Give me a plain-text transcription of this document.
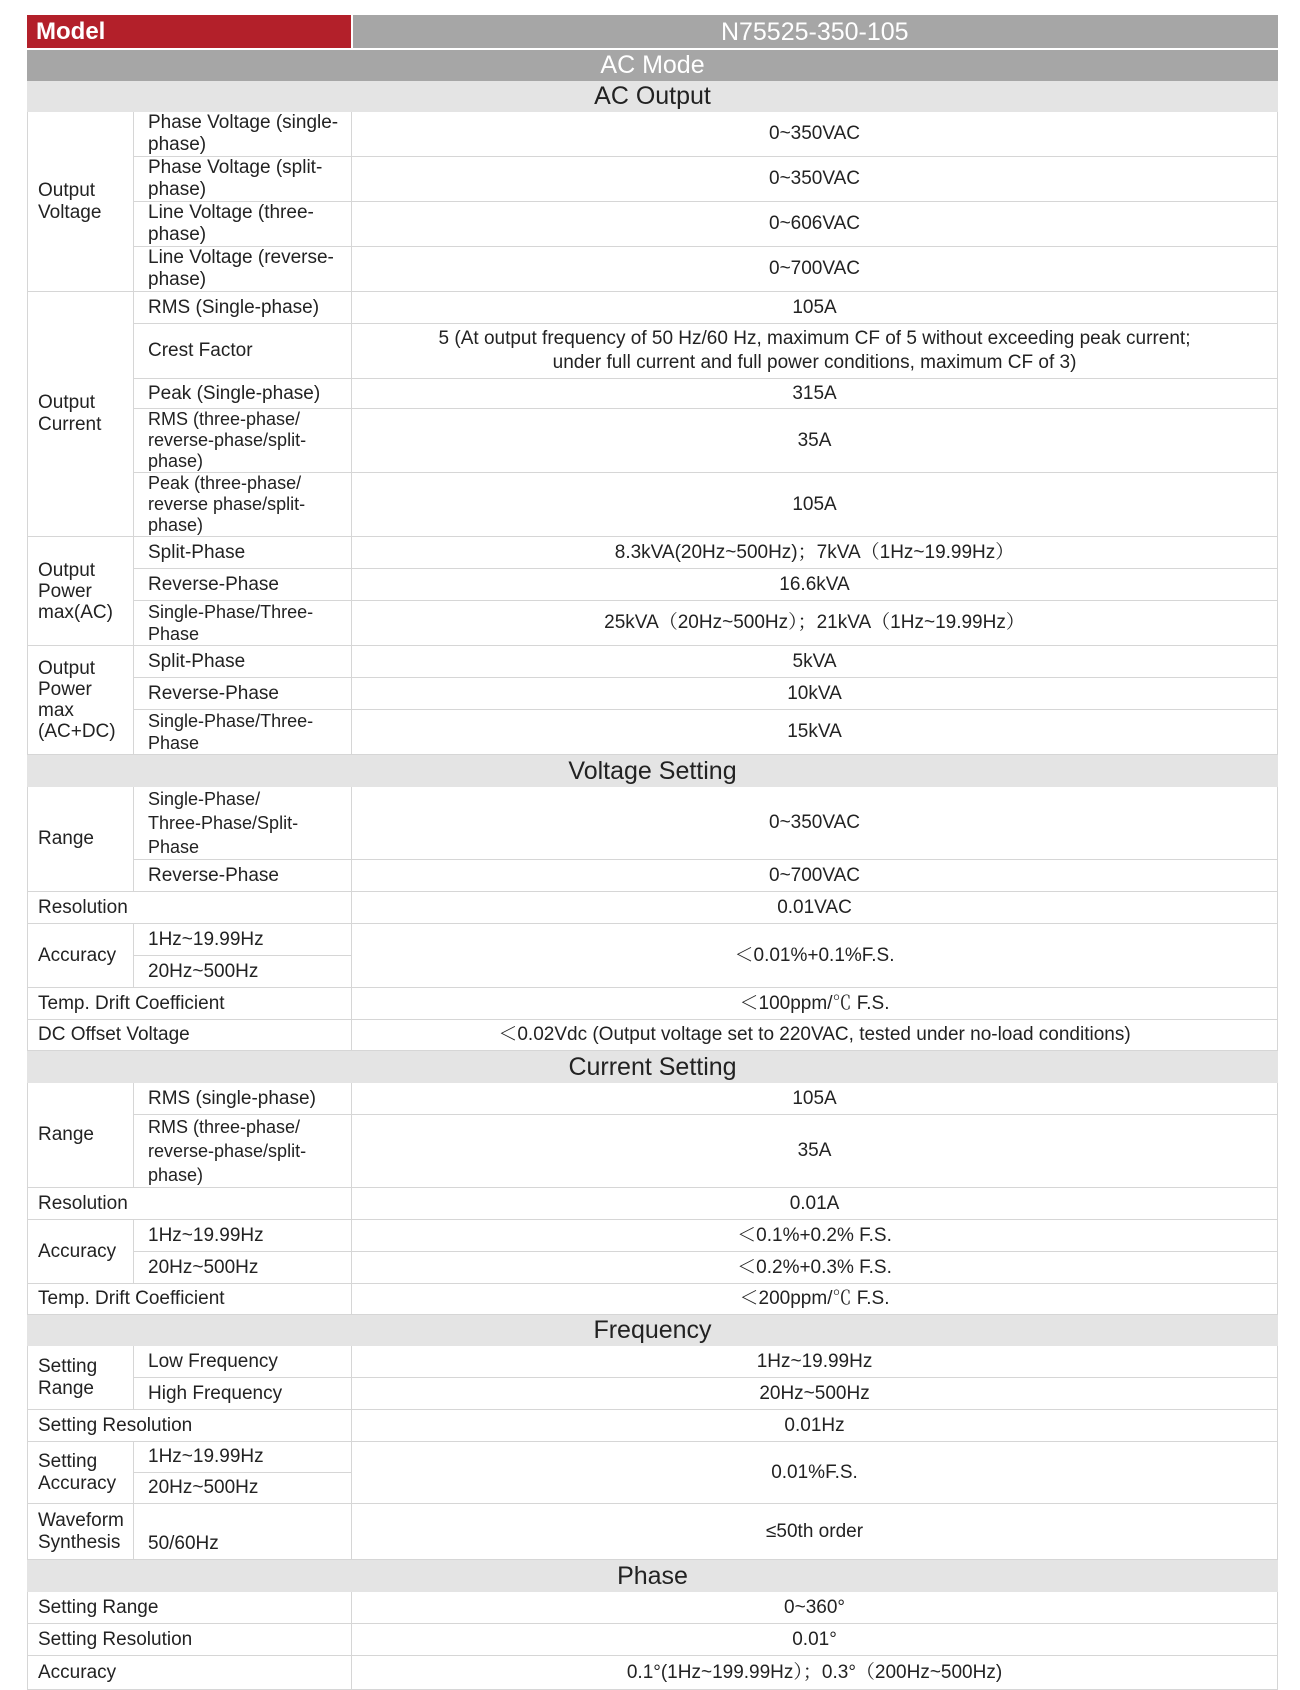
Model		N75525-350-105
AC Mode		
AC Output		
Output
Voltage	Phase Voltage (single-phase)	0~350VAC
	Phase Voltage (split-phase)	0~350VAC
	Line Voltage (three-phase)	0~606VAC
	Line Voltage (reverse-phase)	0~700VAC
Output
Current	RMS (Single-phase)	105A
	Crest Factor	5 (At output frequency of 50 Hz/60 Hz, maximum CF of 5 without exceeding peak current;
under full current and full power conditions, maximum CF of 3)
	Peak (Single-phase)	315A
	RMS (three-phase/
reverse-phase/split-phase)	35A
	Peak (three-phase/
reverse phase/split-phase)	105A
Output
Power
max(AC)	Split-Phase	8.3kVA(20Hz~500Hz)；7kVA（1Hz~19.99Hz）
	Reverse-Phase	16.6kVA
	Single-Phase/Three-Phase	25kVA（20Hz~500Hz）；21kVA（1Hz~19.99Hz）
Output
Power
max
(AC+DC)	Split-Phase	5kVA
	Reverse-Phase	10kVA
	Single-Phase/Three-Phase	15kVA
Voltage Setting		
Range	Single-Phase/
Three-Phase/Split-Phase	0~350VAC
	Reverse-Phase	0~700VAC
Resolution		0.01VAC
Accuracy	1Hz~19.99Hz	＜0.01%+0.1%F.S.
	20Hz~500Hz	
Temp. Drift Coefficient		＜100ppm/℃ F.S.
DC Offset Voltage		＜0.02Vdc (Output voltage set to 220VAC, tested under no-load conditions)
Current Setting		
Range	RMS (single-phase)	105A
	RMS (three-phase/
reverse-phase/split-phase)	35A
Resolution		0.01A
Accuracy	1Hz~19.99Hz	＜0.1%+0.2% F.S.
	20Hz~500Hz	＜0.2%+0.3% F.S.
Temp. Drift Coefficient		＜200ppm/℃ F.S.
Frequency		
Setting
Range	Low Frequency	1Hz~19.99Hz
	High Frequency	20Hz~500Hz
Setting Resolution		0.01Hz
Setting
Accuracy	1Hz~19.99Hz	0.01%F.S.
	20Hz~500Hz	
Waveform
Synthesis	50/60Hz	≤50th order
Phase		
Setting Range		0~360°
Setting Resolution		0.01°
Accuracy		0.1°(1Hz~199.99Hz）；0.3°（200Hz~500Hz)
